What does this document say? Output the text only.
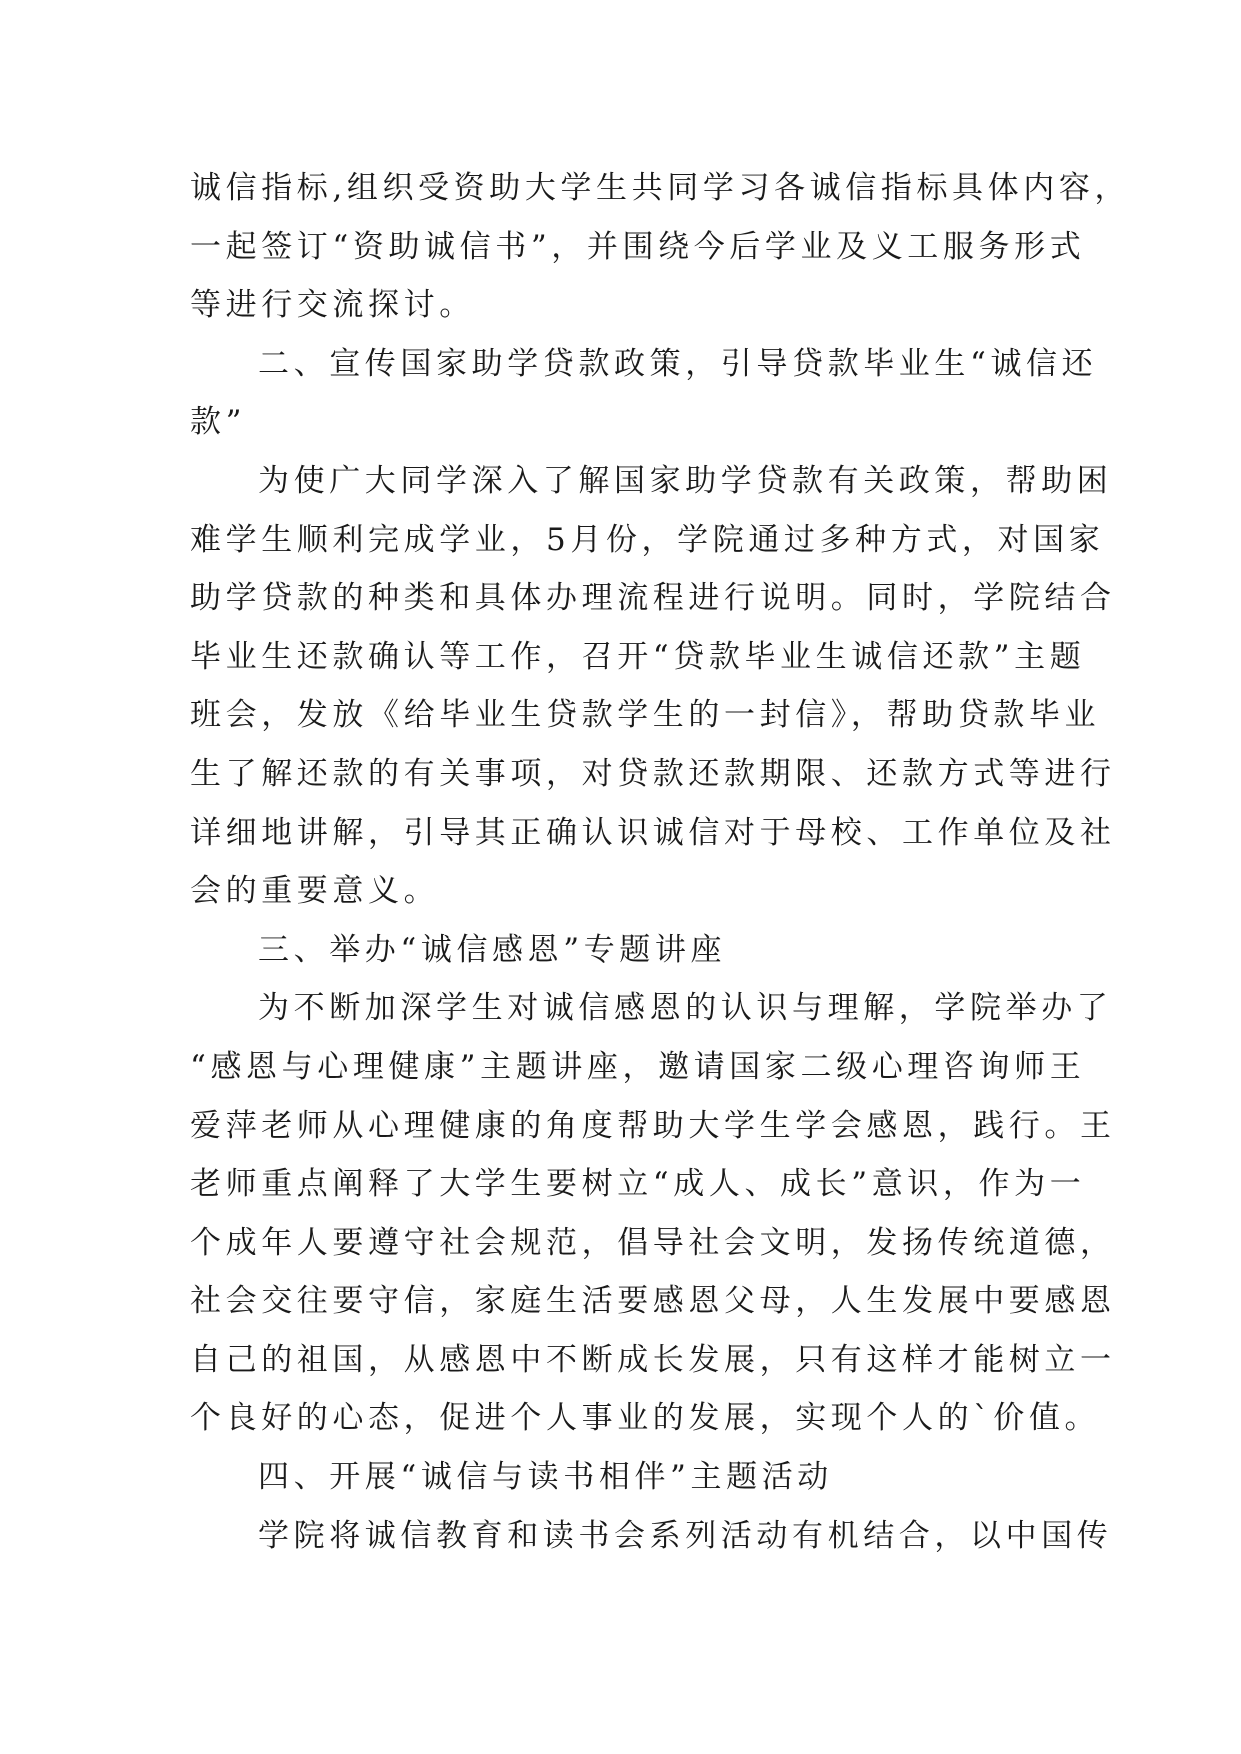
诚信指标,组织受资助大学生共同学习各诚信指标具体内容，
一起签订“资助诚信书”，并围绕今后学业及义工服务形式
等进行交流探讨。
二、宣传国家助学贷款政策，引导贷款毕业生“诚信还
款”
为使广大同学深入了解国家助学贷款有关政策，帮助困
难学生顺利完成学业，5月份，学院通过多种方式，对国家
助学贷款的种类和具体办理流程进行说明。同时，学院结合
毕业生还款确认等工作，召开“贷款毕业生诚信还款”主题
班会，发放《给毕业生贷款学生的一封信》，帮助贷款毕业
生了解还款的有关事项，对贷款还款期限、还款方式等进行
详细地讲解，引导其正确认识诚信对于母校、工作单位及社
会的重要意义。
三、举办“诚信感恩”专题讲座
为不断加深学生对诚信感恩的认识与理解，学院举办了
“感恩与心理健康”主题讲座，邀请国家二级心理咨询师王
爱萍老师从心理健康的角度帮助大学生学会感恩，践行。王
老师重点阐释了大学生要树立“成人、成长”意识，作为一
个成年人要遵守社会规范，倡导社会文明，发扬传统道德，
社会交往要守信，家庭生活要感恩父母，人生发展中要感恩
自己的祖国，从感恩中不断成长发展，只有这样才能树立一
个良好的心态，促进个人事业的发展，实现个人的`价值。
四、开展“诚信与读书相伴”主题活动
学院将诚信教育和读书会系列活动有机结合，以中国传
